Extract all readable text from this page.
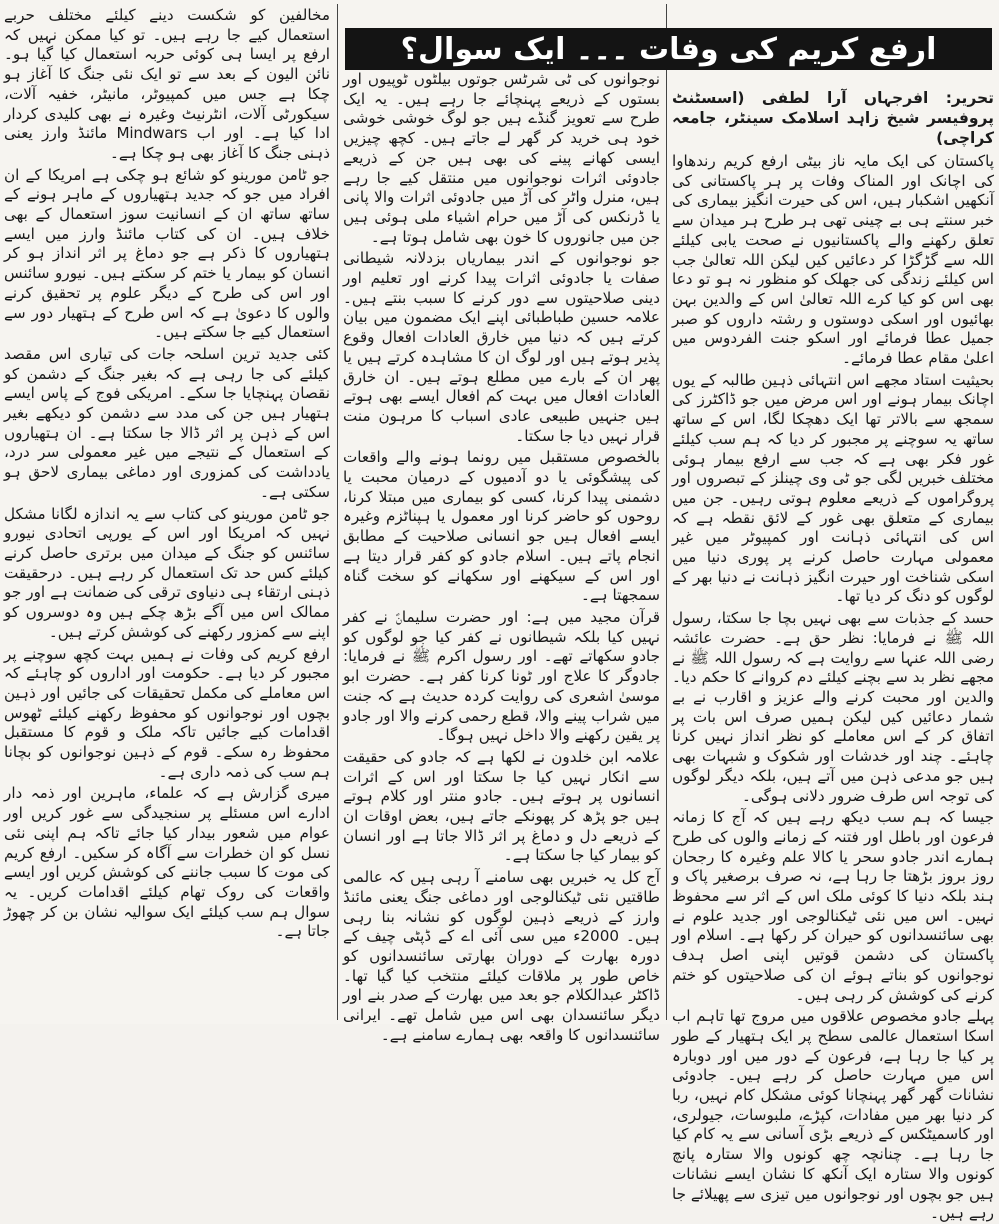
ارفع کریم کی وفات ۔۔۔ ایک سوال؟

تحریر: افرجہاں آرا لطفی (اسسٹنٹ پروفیسر شیخ زاہد اسلامک سینٹر، جامعہ کراچی)

پاکستان کی ایک مایہ ناز بیٹی ارفع کریم رندھاوا کی اچانک اور المناک وفات پر ہر پاکستانی کی آنکھیں اشکبار ہیں، اس کی حیرت انگیز بیماری کی خبر سنتے ہی بے چینی تھی ہر طرح ہر میدان سے تعلق رکھنے والے پاکستانیوں نے صحت یابی کیلئے اللہ سے گڑگڑا کر دعائیں کیں لیکن اللہ تعالیٰ جب اس کیلئے زندگی کی جھلک کو منظور نہ ہو تو دعا بھی اس کو کیا کرے اللہ تعالیٰ اس کے والدین بہن بھائیوں اور اسکی دوستوں و رشتہ داروں کو صبر جمیل عطا فرمائے اور اسکو جنت الفردوس میں اعلیٰ مقام عطا فرمائے۔

بحیثیت استاد مجھے اس انتہائی ذہین طالبہ کے یوں اچانک بیمار ہونے اور اس مرض میں جو ڈاکٹرز کی سمجھ سے بالاتر تھا ایک دھچکا لگا، اس کے ساتھ ساتھ یہ سوچنے پر مجبور کر دیا کہ ہم سب کیلئے غور فکر بھی ہے کہ جب سے ارفع بیمار ہوئی مختلف خبریں لگی جو ٹی وی چینلز کے تبصروں اور پروگراموں کے ذریعے معلوم ہوتی رہیں۔ جن میں بیماری کے متعلق بھی غور کے لائق نقطہ ہے کہ اس کی انتہائی ذہانت اور کمپیوٹر میں غیر معمولی مہارت حاصل کرنے پر پوری دنیا میں اسکی شناخت اور حیرت انگیز ذہانت نے دنیا بھر کے لوگوں کو دنگ کر دیا تھا۔

حسد کے جذبات سے بھی نہیں بچا جا سکتا، رسول اللہ ﷺ نے فرمایا: نظر حق ہے۔ حضرت عائشہ رضی اللہ عنہا سے روایت ہے کہ رسول اللہ ﷺ نے مجھے نظر بد سے بچنے کیلئے دم کروانے کا حکم دیا۔ والدین اور محبت کرنے والے عزیز و اقارب نے بے شمار دعائیں کیں لیکن ہمیں صرف اس بات پر اتفاق کر کے اس معاملے کو نظر انداز نہیں کرنا چاہئے۔ چند اور خدشات اور شکوک و شبہات بھی ہیں جو مدعی ذہن میں آتے ہیں، بلکہ دیگر لوگوں کی توجہ اس طرف ضرور دلانی ہوگی۔

جیسا کہ ہم سب دیکھ رہے ہیں کہ آج کا زمانہ فرعون اور باطل اور فتنہ کے زمانے والوں کی طرح ہمارے اندر جادو سحر یا کالا علم وغیرہ کا رجحان روز بروز بڑھتا جا رہا ہے، نہ صرف برصغیر پاک و ہند بلکہ دنیا کا کوئی ملک اس کے اثر سے محفوظ نہیں۔ اس میں نئی ٹیکنالوجی اور جدید علوم نے بھی سائنسدانوں کو حیران کر رکھا ہے۔ اسلام اور پاکستان کی دشمن قوتیں اپنی اصل ہدف نوجوانوں کو بناتے ہوئے ان کی صلاحیتوں کو ختم کرنے کی کوشش کر رہی ہیں۔

پہلے جادو مخصوص علاقوں میں مروج تھا تاہم اب اسکا استعمال عالمی سطح پر ایک ہتھیار کے طور پر کیا جا رہا ہے، فرعون کے دور میں اور دوبارہ اس میں مہارت حاصل کر رہے ہیں۔ جادوئی نشانات گھر گھر پہنچانا کوئی مشکل کام نہیں، ربا کر دنیا بھر میں مفادات، کپڑے، ملبوسات، جیولری، اور کاسمیٹکس کے ذریعے بڑی آسانی سے یہ کام کیا جا رہا ہے۔ چنانچہ چھ کونوں والا ستارہ پانچ کونوں والا ستارہ ایک آنکھ کا نشان ایسے نشانات ہیں جو بچوں اور نوجوانوں میں تیزی سے پھیلائے جا رہے ہیں۔

نوجوانوں کی ٹی شرٹس جوتوں بیلٹوں ٹوپیوں اور بستوں کے ذریعے پہنچائے جا رہے ہیں۔ یہ ایک طرح سے تعویز گنڈے ہیں جو لوگ خوشی خوشی خود ہی خرید کر گھر لے جاتے ہیں۔ کچھ چیزیں ایسی کھانے پینے کی بھی ہیں جن کے ذریعے جادوئی اثرات نوجوانوں میں منتقل کیے جا رہے ہیں، منرل واٹر کی آڑ میں جادوئی اثرات والا پانی یا ڈرنکس کی آڑ میں حرام اشیاء ملی ہوئی ہیں جن میں جانوروں کا خون بھی شامل ہوتا ہے۔

جو نوجوانوں کے اندر بیماریاں بزدلانہ شیطانی صفات یا جادوئی اثرات پیدا کرنے اور تعلیم اور دینی صلاحیتوں سے دور کرنے کا سبب بنتے ہیں۔ علامہ حسین طباطبائی اپنے ایک مضمون میں بیان کرتے ہیں کہ دنیا میں خارق العادات افعال وقوع پذیر ہوتے ہیں اور لوگ ان کا مشاہدہ کرتے ہیں یا پھر ان کے بارے میں مطلع ہوتے ہیں۔ ان خارق العادات افعال میں بہت کم افعال ایسے بھی ہوتے ہیں جنہیں طبیعی عادی اسباب کا مرہون منت قرار نہیں دیا جا سکتا۔

بالخصوص مستقبل میں رونما ہونے والے واقعات کی پیشگوئی یا دو آدمیوں کے درمیان محبت یا دشمنی پیدا کرنا، کسی کو بیماری میں مبتلا کرنا، روحوں کو حاضر کرنا اور معمول یا ہپناٹزم وغیرہ ایسے افعال ہیں جو انسانی صلاحیت کے مطابق انجام پاتے ہیں۔ اسلام جادو کو کفر قرار دیتا ہے اور اس کے سیکھنے اور سکھانے کو سخت گناہ سمجھتا ہے۔

قرآن مجید میں ہے: اور حضرت سلیمانؑ نے کفر نہیں کیا بلکہ شیطانوں نے کفر کیا جو لوگوں کو جادو سکھاتے تھے۔ اور رسول اکرم ﷺ نے فرمایا: جادوگر کا علاج اور ٹونا کرنا کفر ہے۔ حضرت ابو موسیٰ اشعری کی روایت کردہ حدیث ہے کہ جنت میں شراب پینے والا، قطع رحمی کرنے والا اور جادو پر یقین رکھنے والا داخل نہیں ہوگا۔

علامہ ابن خلدون نے لکھا ہے کہ جادو کی حقیقت سے انکار نہیں کیا جا سکتا اور اس کے اثرات انسانوں پر ہوتے ہیں۔ جادو منتر اور کلام ہوتے ہیں جو پڑھ کر پھونکے جاتے ہیں، بعض اوقات ان کے ذریعے دل و دماغ پر اثر ڈالا جاتا ہے اور انسان کو بیمار کیا جا سکتا ہے۔

آج کل یہ خبریں بھی سامنے آ رہی ہیں کہ عالمی طاقتیں نئی ٹیکنالوجی اور دماغی جنگ یعنی مائنڈ وارز کے ذریعے ذہین لوگوں کو نشانہ بنا رہی ہیں۔ 2000ء میں سی آئی اے کے ڈپٹی چیف کے دورہ بھارت کے دوران بھارتی سائنسدانوں کو خاص طور پر ملاقات کیلئے منتخب کیا گیا تھا۔ ڈاکٹر عبدالکلام جو بعد میں بھارت کے صدر بنے اور دیگر سائنسدان بھی اس میں شامل تھے۔ ایرانی سائنسدانوں کا واقعہ بھی ہمارے سامنے ہے۔

مخالفین کو شکست دینے کیلئے مختلف حربے استعمال کیے جا رہے ہیں۔ تو کیا ممکن نہیں کہ ارفع پر ایسا ہی کوئی حربہ استعمال کیا گیا ہو۔ نائن الیون کے بعد سے تو ایک نئی جنگ کا آغاز ہو چکا ہے جس میں کمپیوٹر، مانیٹر، خفیہ آلات، سیکورٹی آلات، انٹرنیٹ وغیرہ نے بھی کلیدی کردار ادا کیا ہے۔ اور اب Mindwars مائنڈ وارز یعنی ذہنی جنگ کا آغاز بھی ہو چکا ہے۔

جو ٹامن مورینو کو شائع ہو چکی ہے امریکا کے ان افراد میں جو کہ جدید ہتھیاروں کے ماہر ہونے کے ساتھ ساتھ ان کے انسانیت سوز استعمال کے بھی خلاف ہیں۔ ان کی کتاب مائنڈ وارز میں ایسے ہتھیاروں کا ذکر ہے جو دماغ پر اثر انداز ہو کر انسان کو بیمار یا ختم کر سکتے ہیں۔ نیورو سائنس اور اس کی طرح کے دیگر علوم پر تحقیق کرنے والوں کا دعویٰ ہے کہ اس طرح کے ہتھیار دور سے استعمال کیے جا سکتے ہیں۔

کئی جدید ترین اسلحہ جات کی تیاری اس مقصد کیلئے کی جا رہی ہے کہ بغیر جنگ کے دشمن کو نقصان پہنچایا جا سکے۔ امریکی فوج کے پاس ایسے ہتھیار ہیں جن کی مدد سے دشمن کو دیکھے بغیر اس کے ذہن پر اثر ڈالا جا سکتا ہے۔ ان ہتھیاروں کے استعمال کے نتیجے میں غیر معمولی سر درد، یادداشت کی کمزوری اور دماغی بیماری لاحق ہو سکتی ہے۔

جو ٹامن مورینو کی کتاب سے یہ اندازہ لگانا مشکل نہیں کہ امریکا اور اس کے یورپی اتحادی نیورو سائنس کو جنگ کے میدان میں برتری حاصل کرنے کیلئے کس حد تک استعمال کر رہے ہیں۔ درحقیقت ذہنی ارتقاء ہی دنیاوی ترقی کی ضمانت ہے اور جو ممالک اس میں آگے بڑھ چکے ہیں وہ دوسروں کو اپنے سے کمزور رکھنے کی کوشش کرتے ہیں۔

ارفع کریم کی وفات نے ہمیں بہت کچھ سوچنے پر مجبور کر دیا ہے۔ حکومت اور اداروں کو چاہئے کہ اس معاملے کی مکمل تحقیقات کی جائیں اور ذہین بچوں اور نوجوانوں کو محفوظ رکھنے کیلئے ٹھوس اقدامات کیے جائیں تاکہ ملک و قوم کا مستقبل محفوظ رہ سکے۔ قوم کے ذہین نوجوانوں کو بچانا ہم سب کی ذمہ داری ہے۔

میری گزارش ہے کہ علماء، ماہرین اور ذمہ دار ادارے اس مسئلے پر سنجیدگی سے غور کریں اور عوام میں شعور بیدار کیا جائے تاکہ ہم اپنی نئی نسل کو ان خطرات سے آگاہ کر سکیں۔ ارفع کریم کی موت کا سبب جاننے کی کوشش کریں اور ایسے واقعات کی روک تھام کیلئے اقدامات کریں۔ یہ سوال ہم سب کیلئے ایک سوالیہ نشان بن کر چھوڑ جاتا ہے۔
